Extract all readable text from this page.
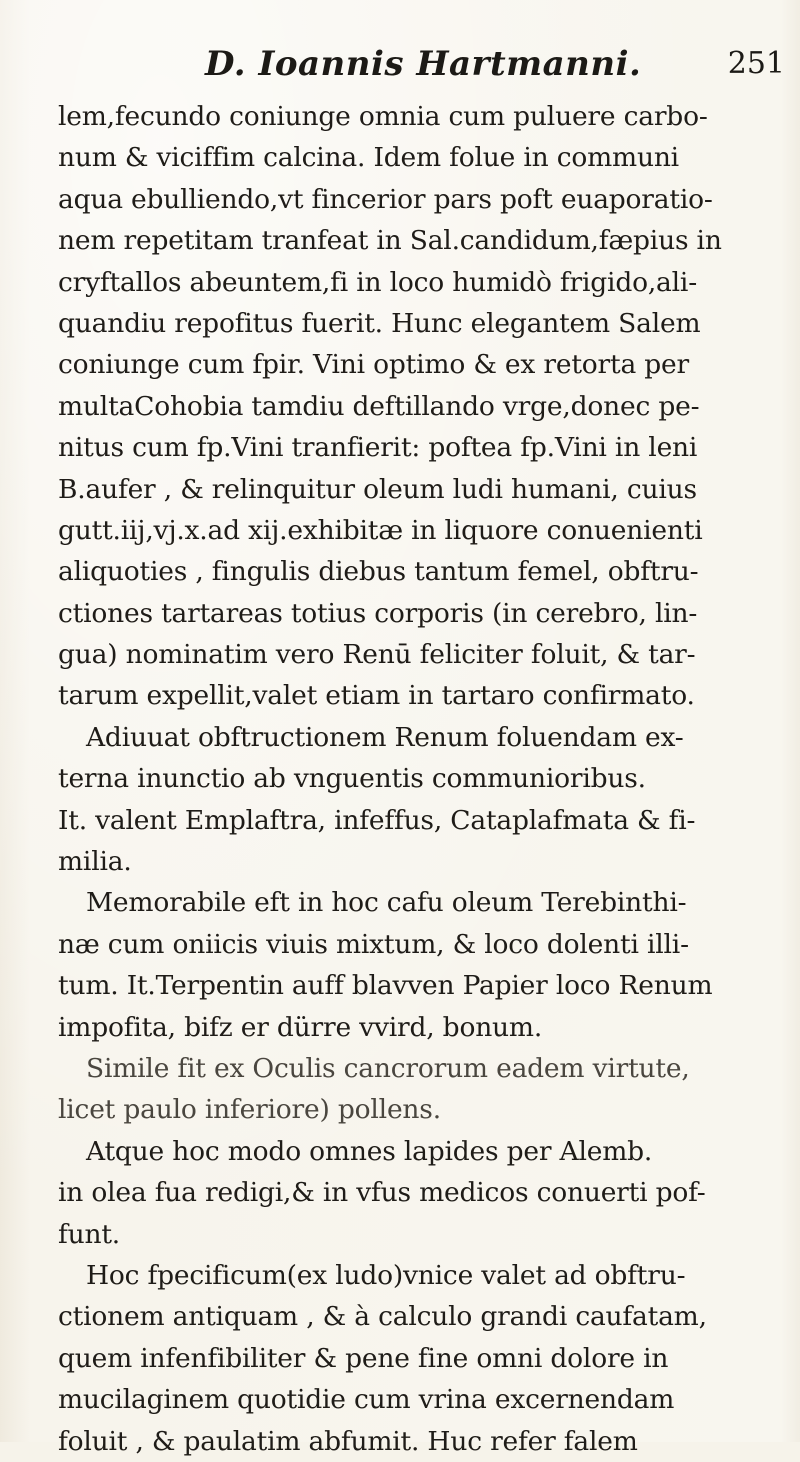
D. Ioannis Hartmanni.	251
lem,fecundo coniunge omnia cum puluere carbo-
num & viciffim calcina. Idem folue in communi
aqua ebulliendo,vt fincerior pars poft euaporatio-
nem repetitam tranfeat in Sal.candidum,fæpius in
cryftallos abeuntem,fi in loco humidò frigido,ali-
quandiu repofitus fuerit. Hunc elegantem Salem
coniunge cum fpir. Vini optimo & ex retorta per
multaCohobia tamdiu deftillando vrge,donec pe-
nitus cum fp.Vini tranfierit: poftea fp.Vini in leni
B.aufer , & relinquitur oleum ludi humani, cuius
gutt.iij,vj.x.ad xij.exhibitæ in liquore conuenienti
aliquoties , fingulis diebus tantum femel, obftru-
ctiones tartareas totius corporis (in cerebro, lin-
gua) nominatim vero Renū feliciter foluit, & tar-
tarum expellit,valet etiam in tartaro confirmato.
Adiuuat obftructionem Renum foluendam ex-
terna inunctio ab vnguentis communioribus.
It. valent Emplaftra, infeffus, Cataplafmata & fi-
milia.
Memorabile eft in hoc cafu oleum Terebinthi-
næ cum oniicis viuis mixtum, & loco dolenti illi-
tum. It.Terpentin auff blavven Papier loco Renum
impofita, bifz er dürre vvird, bonum.
Simile fit ex Oculis cancrorum eadem virtute,
licet paulo inferiore) pollens.
Atque hoc modo omnes lapides per Alemb.
in olea fua redigi,& in vfus medicos conuerti pof-
funt.
Hoc fpecificum(ex ludo)vnice valet ad obftru-
ctionem antiquam , & à calculo grandi caufatam,
quem infenfibiliter & pene fine omni dolore in
mucilaginem quotidie cum vrina excernendam
foluit , & paulatim abfumit. Huc refer falem
